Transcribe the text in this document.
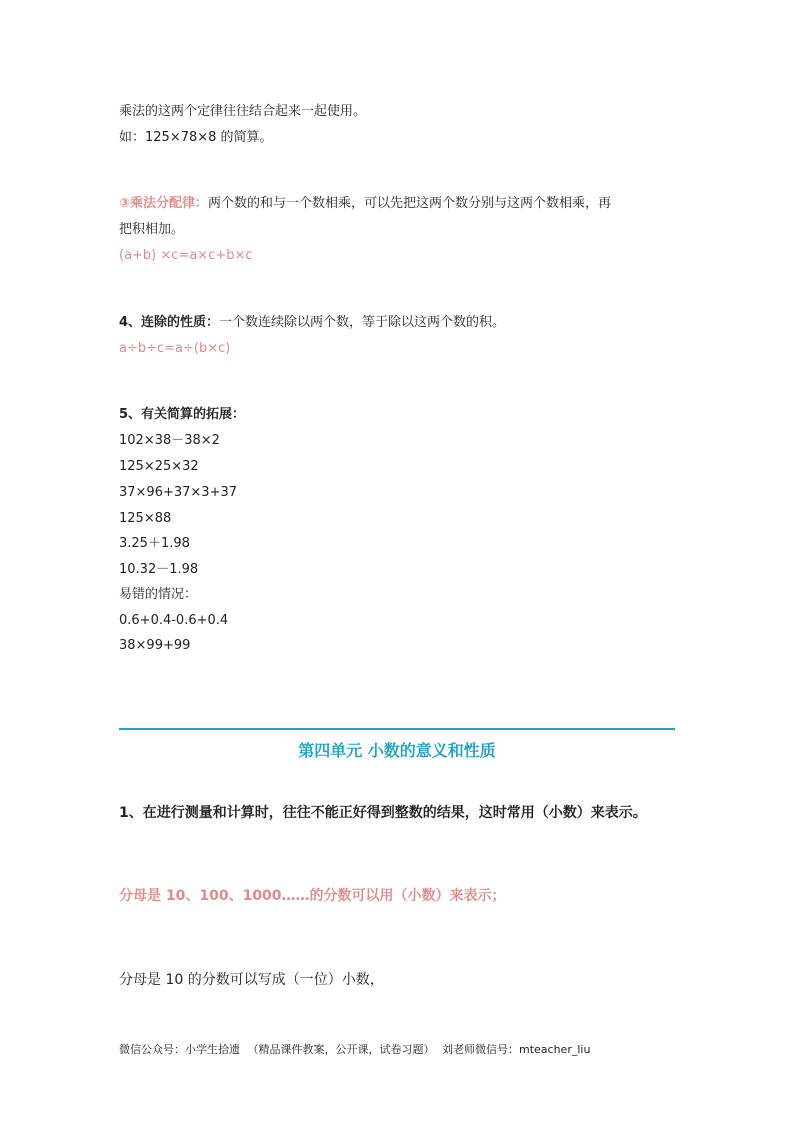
乘法的这两个定律往往结合起来一起使用。
如：125×78×8 的简算。
③乘法分配律：两个数的和与一个数相乘，可以先把这两个数分别与这两个数相乘，再
把积相加。
(a+b) ×c=a×c+b×c
4、连除的性质：一个数连续除以两个数，等于除以这两个数的积。
a÷b÷c=a÷(b×c)
5、有关简算的拓展：
102×38－38×2
125×25×32
37×96+37×3+37
125×88
3.25＋1.98
10.32－1.98
易错的情况：
0.6+0.4-0.6+0.4
38×99+99
第四单元 小数的意义和性质
1、在进行测量和计算时，往往不能正好得到整数的结果，这时常用（小数）来表示。
分母是 10、100、1000……的分数可以用（小数）来表示；
分母是 10 的分数可以写成（一位）小数，
微信公众号：小学生拾遗 （精品课件教案，公开课，试卷习题） 刘老师微信号：mteacher_liu
